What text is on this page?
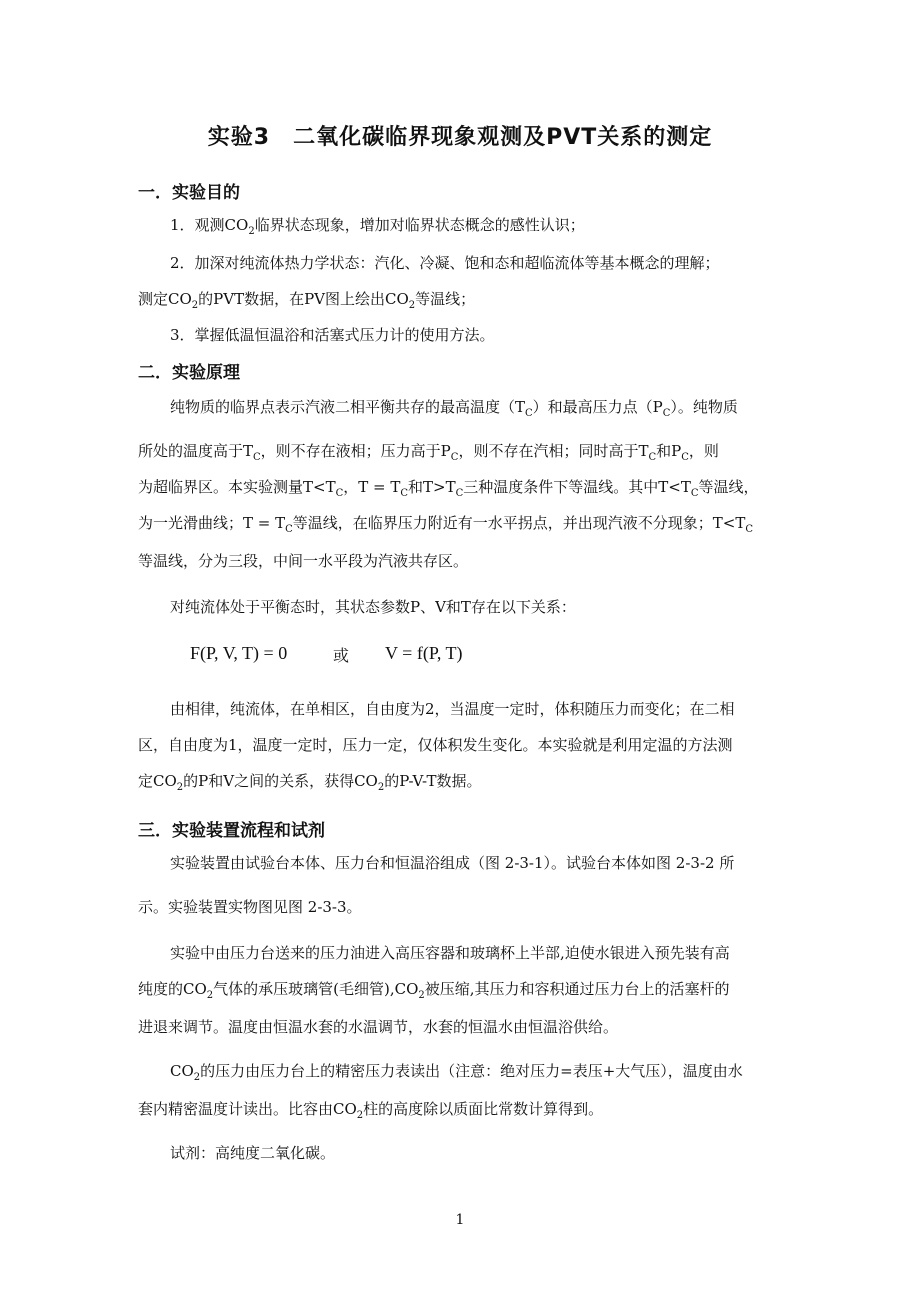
实验3　二氧化碳临界现象观测及PVT关系的测定
一．实验目的
1．观测$CO_2$临界状态现象，增加对临界状态概念的感性认识；
2．加深对纯流体热力学状态：汽化、冷凝、饱和态和超临流体等基本概念的理解；
测定$CO_2$的PVT数据，在PV图上绘出$CO_2$等温线；
3．掌握低温恒温浴和活塞式压力计的使用方法。
二．实验原理
纯物质的临界点表示汽液二相平衡共存的最高温度$(T_C)$和最高压力点$(P_C)$。纯物质
所处的温度高于$T_C$，则不存在液相；压力高于$P_C$，则不存在汽相；同时高于$T_C$和$P_C$，则
为超临界区。本实验测量$T<T_C$，$T = T_C$和$T>T_C$三种温度条件下等温线。其中$T<T_C$等温线，
为一光滑曲线；$T = T_C$等温线，在临界压力附近有一水平拐点，并出现汽液不分现象；$T<T_C$
等温线，分为三段，中间一水平段为汽液共存区。
对纯流体处于平衡态时，其状态参数P、V和T存在以下关系：
F(P, V, T) = 0	或 V = f(P, T)
由相律，纯流体，在单相区，自由度为2，当温度一定时，体积随压力而变化；在二相
区，自由度为1，温度一定时，压力一定，仅体积发生变化。本实验就是利用定温的方法测
定$CO_2$的P和V之间的关系，获得$CO_2$的P-V-T数据。
三．实验装置流程和试剂
实验装置由试验台本体、压力台和恒温浴组成（图 2-3-1）。试验台本体如图 2-3-2 所
示。实验装置实物图见图 2-3-3。
实验中由压力台送来的压力油进入高压容器和玻璃杯上半部,迫使水银进入预先装有高
纯度的$CO_2$气体的承压玻璃管(毛细管)$,CO_2$被压缩,其压力和容积通过压力台上的活塞杆的
进退来调节。温度由恒温水套的水温调节，水套的恒温水由恒温浴供给。
$CO_2$的压力由压力台上的精密压力表读出（注意：绝对压力=表压+大气压），温度由水
套内精密温度计读出。比容由$CO_2$柱的高度除以质面比常数计算得到。
试剂：高纯度二氧化碳。
1
